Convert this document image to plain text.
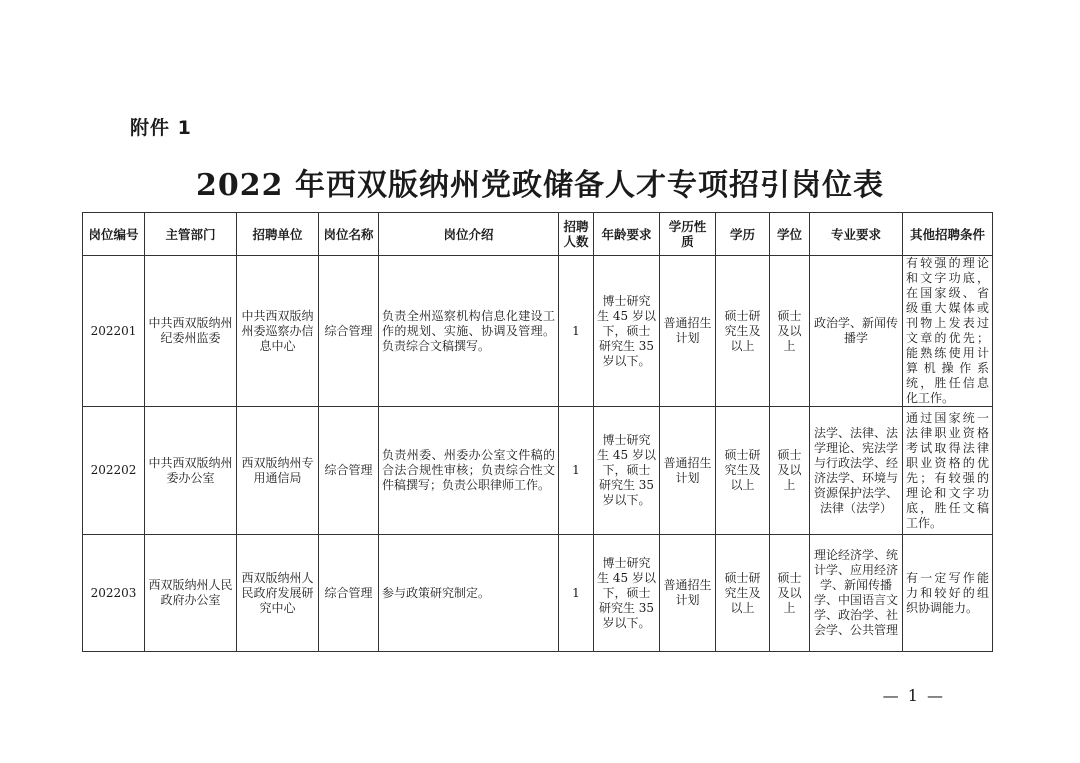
附件 1
2022 年西双版纳州党政储备人才专项招引岗位表
岗位编号	主管部门	招聘单位	岗位名称	岗位介绍	招聘人数	年龄要求	学历性质	学历	学位	专业要求	其他招聘条件
202201	中共西双版纳州纪委州监委	中共西双版纳州委巡察办信息中心	综合管理	负责全州巡察机构信息化建设工作的规划、实施、协调及管理。负责综合文稿撰写。	1	博士研究生 45 岁以下，硕士研究生 35 岁以下。	普通招生计划	硕士研究生及以上	硕士及以上	政治学、新闻传播学	有较强的理论和文字功底，在国家级、省级重大媒体或刊物上发表过文章的优先；能熟练使用计算机操作系统，胜任信息化工作。
202202	中共西双版纳州委办公室	西双版纳州专用通信局	综合管理	负责州委、州委办公室文件稿的合法合规性审核；负责综合性文件稿撰写；负责公职律师工作。	1	博士研究生 45 岁以下，硕士研究生 35 岁以下。	普通招生计划	硕士研究生及以上	硕士及以上	法学、法律、法学理论、宪法学与行政法学、经济法学、环境与资源保护法学、法律（法学）	通过国家统一法律职业资格考试取得法律职业资格的优先；有较强的理论和文字功底，胜任文稿工作。
202203	西双版纳州人民政府办公室	西双版纳州人民政府发展研究中心	综合管理	参与政策研究制定。	1	博士研究生 45 岁以下，硕士研究生 35 岁以下。	普通招生计划	硕士研究生及以上	硕士及以上	理论经济学、统计学、应用经济学、新闻传播学、中国语言文学、政治学、社会学、公共管理	有一定写作能力和较好的组织协调能力。
— 1 —
